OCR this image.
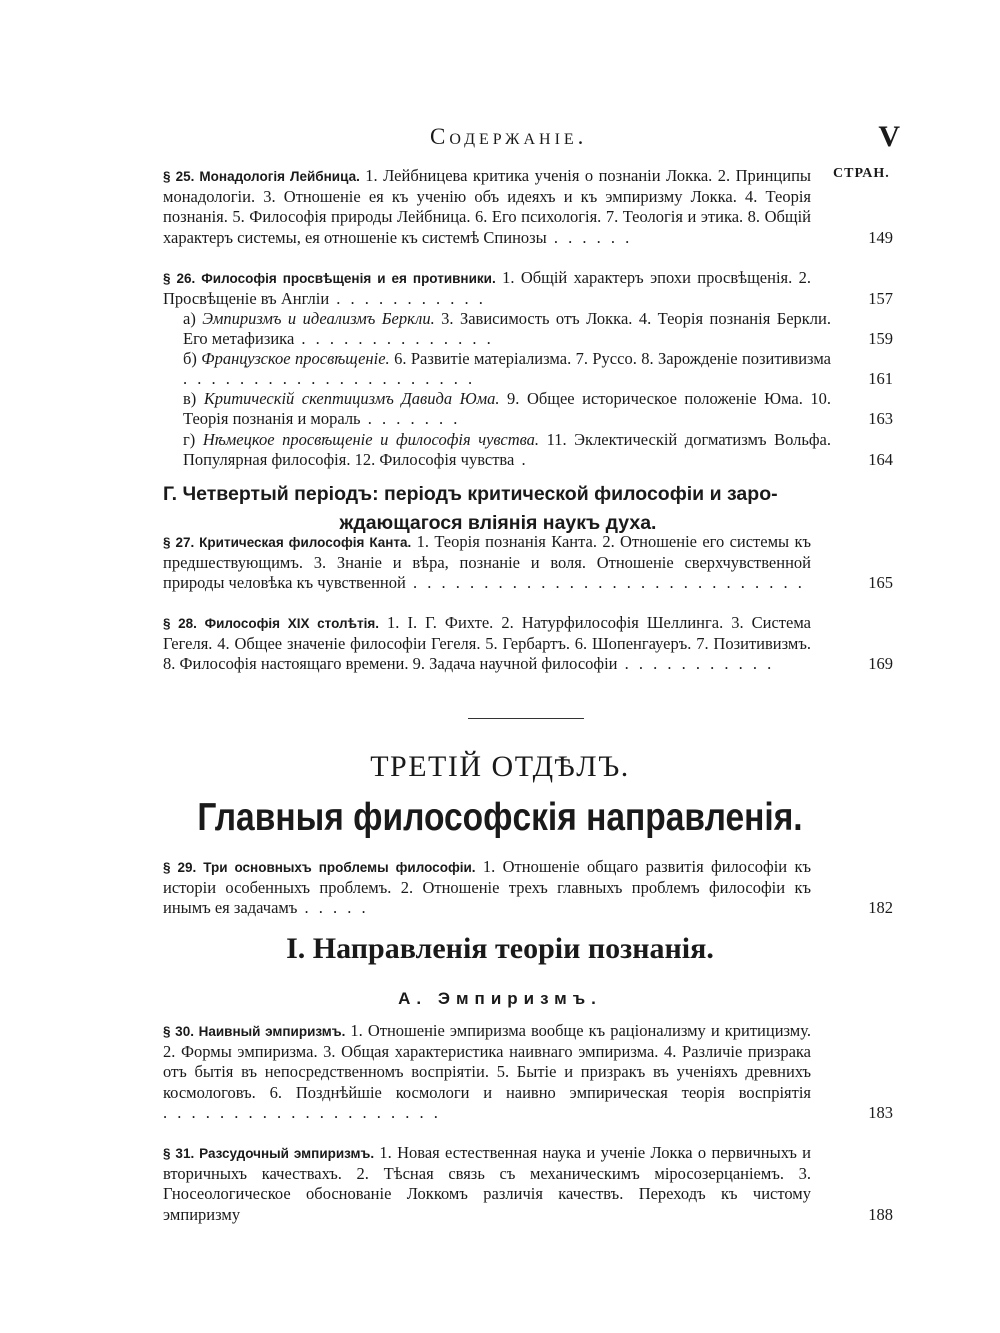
Содержаніе.	V
СТРАН.
§ 25. Монадологія Лейбница. 1. Лейбницева критика ученія о познаніи Локка. 2. Принципы монадологіи. 3. Отношеніе ея къ ученію объ идеяхъ и къ эмпиризму Локка. 4. Теорія познанія. 5. Философія природы Лейбница. 6. Его психологія. 7. Теологія и этика. 8. Общій характеръ системы, ея отношеніе къ системѣ Спинозы . . . . . .	149
§ 26. Философія просвѣщенія и ея противники. 1. Общій характеръ эпохи просвѣщенія. 2. Просвѣщеніе въ Англіи . . . . . . . . . . .	157
а) Эмпиризмъ и идеализмъ Беркли. 3. Зависимость отъ Локка. 4. Теорія познанія Беркли. Его метафизика . . . . . . . . . . . . . .	159
б) Французское просвѣщеніе. 6. Развитіе матеріализма. 7. Руссо. 8. Зарожденіе позитивизма . . . . . . . . . . . . . . . . . . . . .	161
в) Критическій скептицизмъ Давида Юма. 9. Общее историческое положеніе Юма. 10. Теорія познанія и мораль . . . . . . .	163
г) Нѣмецкое просвѣщеніе и философія чувства. 11. Эклектическій догматизмъ Вольфа. Популярная философія. 12. Философія чувства .	164
Г. Четвертый періодъ: періодъ критической философіи и заро-
ждающагося вліянія наукъ духа.
§ 27. Критическая философія Канта. 1. Теорія познанія Канта. 2. Отношеніе его системы къ предшествующимъ. 3. Знаніе и вѣра, познаніе и воля. Отношеніе сверхчувственной природы человѣка къ чувственной . . . . . . . . . . . . . . . . . . . . . . . . . . . .	165
§ 28. Философія XIX столѣтія. 1. І. Г. Фихте. 2. Натурфилософія Шеллинга. 3. Система Гегеля. 4. Общее значеніе философіи Гегеля. 5. Гербартъ. 6. Шопенгауеръ. 7. Позитивизмъ. 8. Философія настоящаго времени. 9. Задача научной философіи . . . . . . . . . . .	169
ТРЕТІЙ ОТДѢЛЪ.
Главныя философскія направленія.
§ 29. Три основныхъ проблемы философіи. 1. Отношеніе общаго развитія философіи къ исторіи особенныхъ проблемъ. 2. Отношеніе трехъ главныхъ проблемъ философіи къ инымъ ея задачамъ . . . . .	182
I. Направленія теоріи познанія.
А. Эмпиризмъ.
§ 30. Наивный эмпиризмъ. 1. Отношеніе эмпиризма вообще къ раціонализму и критицизму. 2. Формы эмпиризма. 3. Общая характеристика наивнаго эмпиризма. 4. Различіе призрака отъ бытія въ непосредственномъ воспріятіи. 5. Бытіе и призракъ въ ученіяхъ древнихъ космологовъ. 6. Позднѣйшіе космологи и наивно эмпирическая теорія воспріятія . . . . . . . . . . . . . . . . . . . .	183
§ 31. Разсудочный эмпиризмъ. 1. Новая естественная наука и ученіе Локка о первичныхъ и вторичныхъ качествахъ. 2. Тѣсная связь съ механическимъ міросозерцаніемъ. 3. Гносеологическое обоснованіе Локкомъ различія качествъ. Переходъ къ чистому эмпиризму	188
